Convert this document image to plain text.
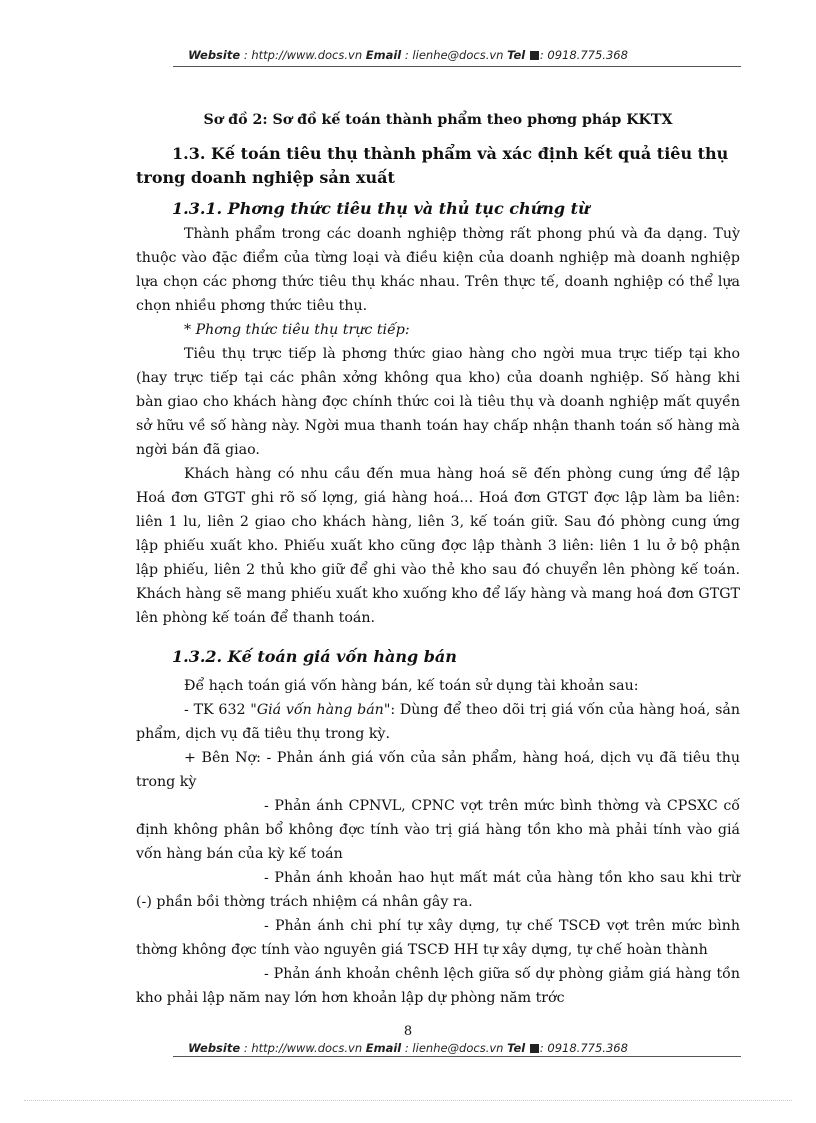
Website : http://www.docs.vn Email : lienhe@docs.vn Tel : 0918.775.368
Sơ đồ 2: Sơ đồ kế toán thành phẩm theo phơng pháp KKTX
1.3. Kế toán tiêu thụ thành phẩm và xác định kết quả tiêu thụ trong doanh nghiệp sản xuất
1.3.1. Phơng thức tiêu thụ và thủ tục chứng từ

Thành phẩm trong các doanh nghiệp thờng rất phong phú và đa dạng. Tuỳ thuộc vào đặc điểm của từng loại và điều kiện của doanh nghiệp mà doanh nghiệp lựa chọn các phơng thức tiêu thụ khác nhau. Trên thực tế, doanh nghiệp có thể lựa chọn nhiều phơng thức tiêu thụ.

* Phơng thức tiêu thụ trực tiếp:

Tiêu thụ trực tiếp là phơng thức giao hàng cho ngời mua trực tiếp tại kho (hay trực tiếp tại các phân xởng không qua kho) của doanh nghiệp. Số hàng khi bàn giao cho khách hàng đợc chính thức coi là tiêu thụ và doanh nghiệp mất quyền sở hữu về số hàng này. Ngời mua thanh toán hay chấp nhận thanh toán số hàng mà ngời bán đã giao.

Khách hàng có nhu cầu đến mua hàng hoá sẽ đến phòng cung ứng để lập Hoá đơn GTGT ghi rõ số lợng, giá hàng hoá... Hoá đơn GTGT đợc lập làm ba liên: liên 1 lu, liên 2 giao cho khách hàng, liên 3, kế toán giữ. Sau đó phòng cung ứng lập phiếu xuất kho. Phiếu xuất kho cũng đợc lập thành 3 liên: liên 1 lu ở bộ phận lập phiếu, liên 2 thủ kho giữ để ghi vào thẻ kho sau đó chuyển lên phòng kế toán. Khách hàng sẽ mang phiếu xuất kho xuống kho để lấy hàng và mang hoá đơn GTGT lên phòng kế toán để thanh toán.

1.3.2. Kế toán giá vốn hàng bán

Để hạch toán giá vốn hàng bán, kế toán sử dụng tài khoản sau:

- TK 632 "Giá vốn hàng bán": Dùng để theo dõi trị giá vốn của hàng hoá, sản phẩm, dịch vụ đã tiêu thụ trong kỳ.

+ Bên Nợ: - Phản ánh giá vốn của sản phẩm, hàng hoá, dịch vụ đã tiêu thụ trong kỳ

- Phản ánh CPNVL, CPNC vợt trên mức bình thờng và CPSXC cố định không phân bổ không đợc tính vào trị giá hàng tồn kho mà phải tính vào giá vốn hàng bán của kỳ kế toán

- Phản ánh khoản hao hụt mất mát của hàng tồn kho sau khi trừ (-) phần bồi thờng trách nhiệm cá nhân gây ra.

- Phản ánh chi phí tự xây dựng, tự chế TSCĐ vợt trên mức bình thờng không đợc tính vào nguyên giá TSCĐ HH tự xây dựng, tự chế hoàn thành

- Phản ánh khoản chênh lệch giữa số dự phòng giảm giá hàng tồn kho phải lập năm nay lớn hơn khoản lập dự phòng năm trớc

8
Website : http://www.docs.vn Email : lienhe@docs.vn Tel : 0918.775.368
